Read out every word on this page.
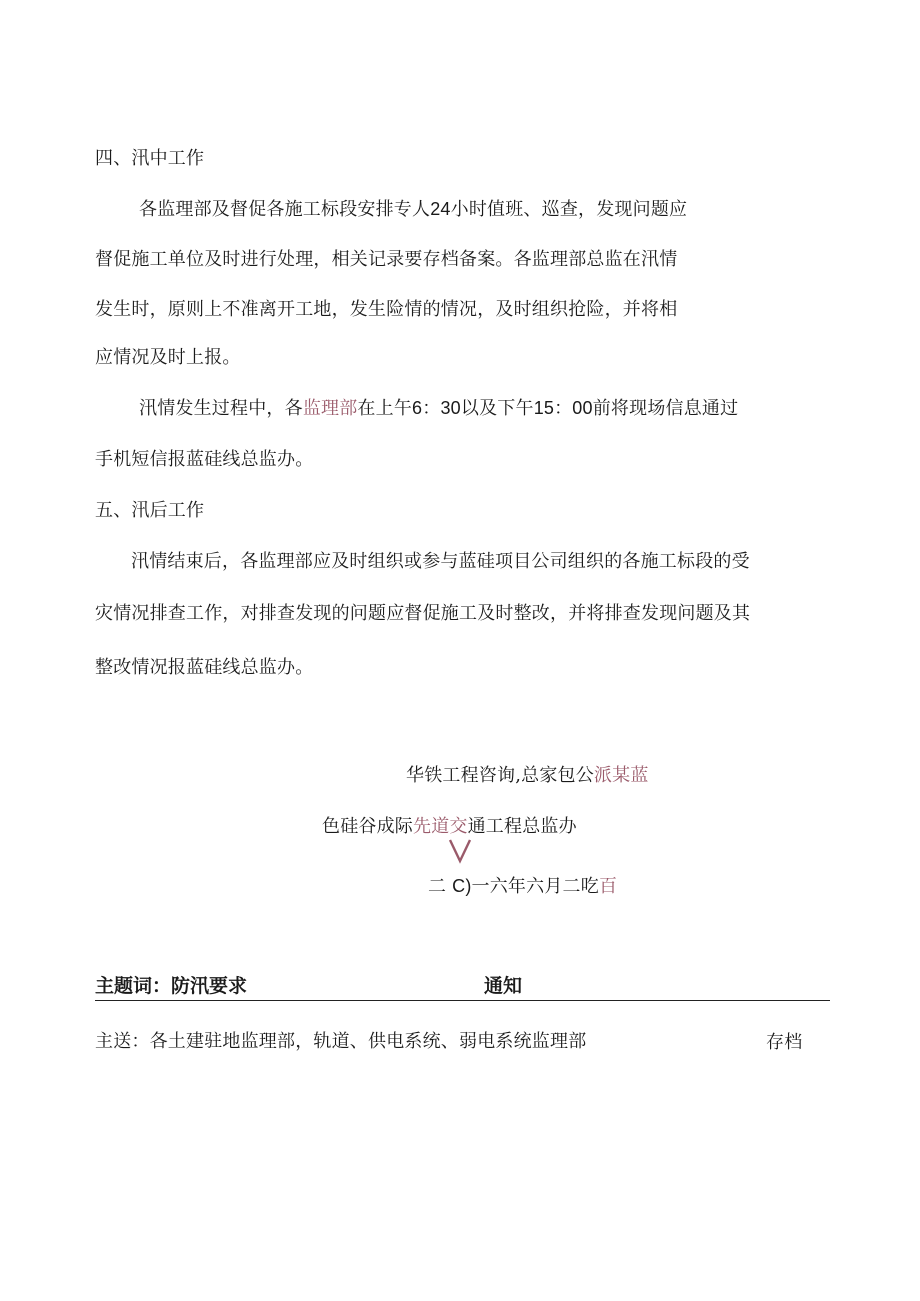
四、汛中工作
各监理部及督促各施工标段安排专人24小时值班、巡查，发现问题应
督促施工单位及时进行处理，相关记录要存档备案。各监理部总监在汛情
发生时，原则上不准离开工地，发生险情的情况，及时组织抢险，并将相
应情况及时上报。
汛情发生过程中，各监理部在上午6：30以及下午15：00前将现场信息通过
手机短信报蓝硅线总监办。
五、汛后工作
汛情结束后，各监理部应及时组织或参与蓝硅项目公司组织的各施工标段的受
灾情况排查工作，对排查发现的问题应督促施工及时整改，并将排查发现问题及其
整改情况报蓝硅线总监办。
华铁工程咨询,总家包公派某蓝
色硅谷成际先道交通工程总监办
二 C)一六年六月二吃百
主题词：防汛要求	通知
主送：各土建驻地监理部，轨道、供电系统、弱电系统监理部	存档
